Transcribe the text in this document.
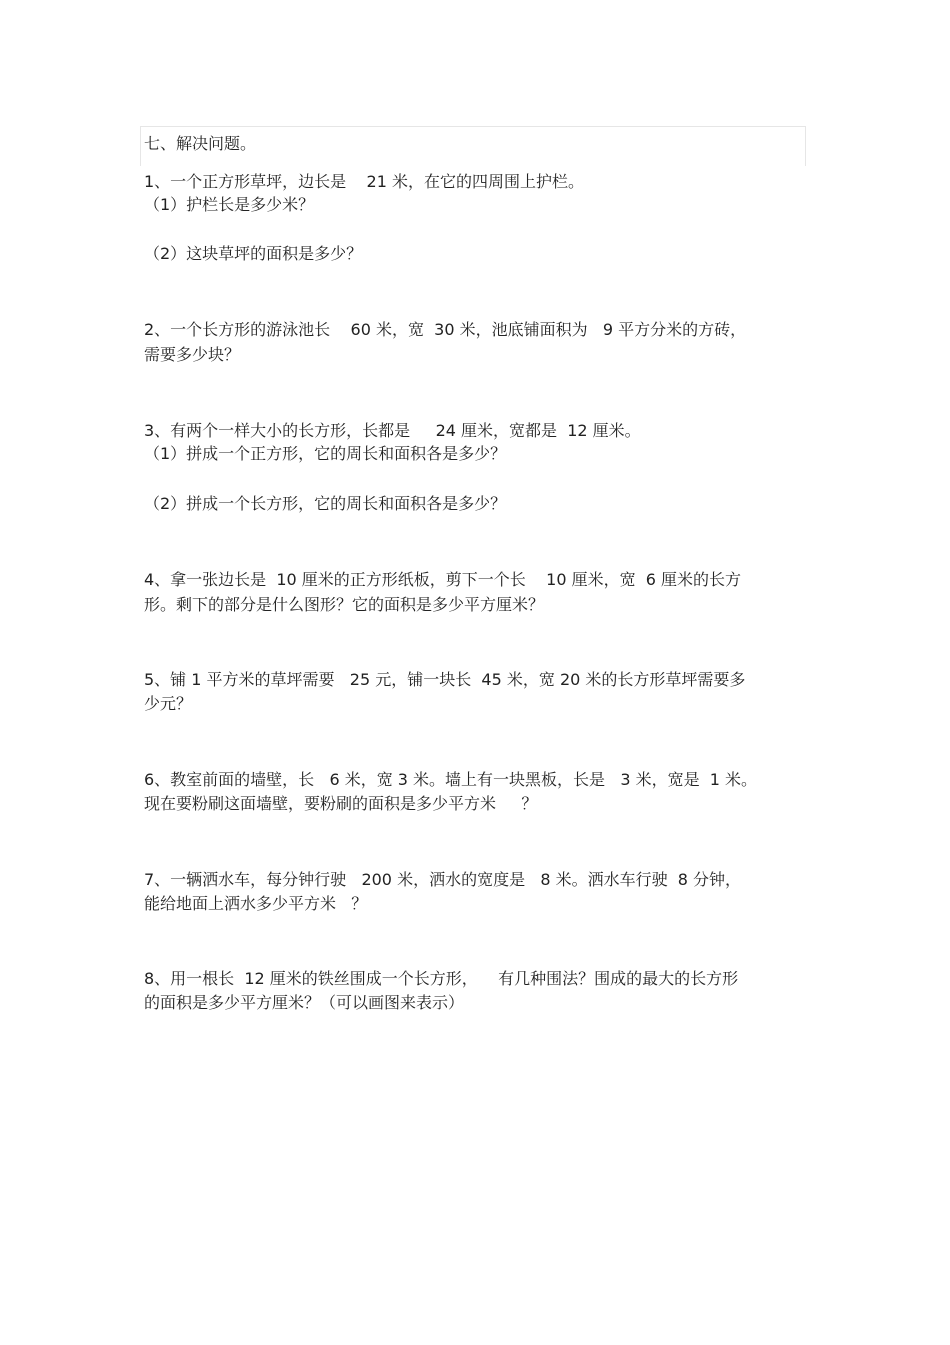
七、解决问题。
1、一个正方形草坪，边长是    21 米，在它的四周围上护栏。
（1）护栏长是多少米？
（2）这块草坪的面积是多少？
2、一个长方形的游泳池长    60 米，宽  30 米，池底铺面积为   9 平方分米的方砖，
需要多少块？
3、有两个一样大小的长方形，长都是     24 厘米，宽都是  12 厘米。
（1）拼成一个正方形，它的周长和面积各是多少？
（2）拼成一个长方形，它的周长和面积各是多少？
4、拿一张边长是  10 厘米的正方形纸板，剪下一个长    10 厘米，宽  6 厘米的长方
形。剩下的部分是什么图形？它的面积是多少平方厘米？
5、铺 1 平方米的草坪需要   25 元，铺一块长  45 米，宽 20 米的长方形草坪需要多
少元？
6、教室前面的墙壁，长   6 米，宽 3 米。墙上有一块黑板，长是   3 米，宽是  1 米。
现在要粉刷这面墙壁，要粉刷的面积是多少平方米     ？
7、一辆洒水车，每分钟行驶   200 米，洒水的宽度是   8 米。洒水车行驶  8 分钟，
能给地面上洒水多少平方米   ？
8、用一根长  12 厘米的铁丝围成一个长方形，    有几种围法？围成的最大的长方形
的面积是多少平方厘米？（可以画图来表示）
